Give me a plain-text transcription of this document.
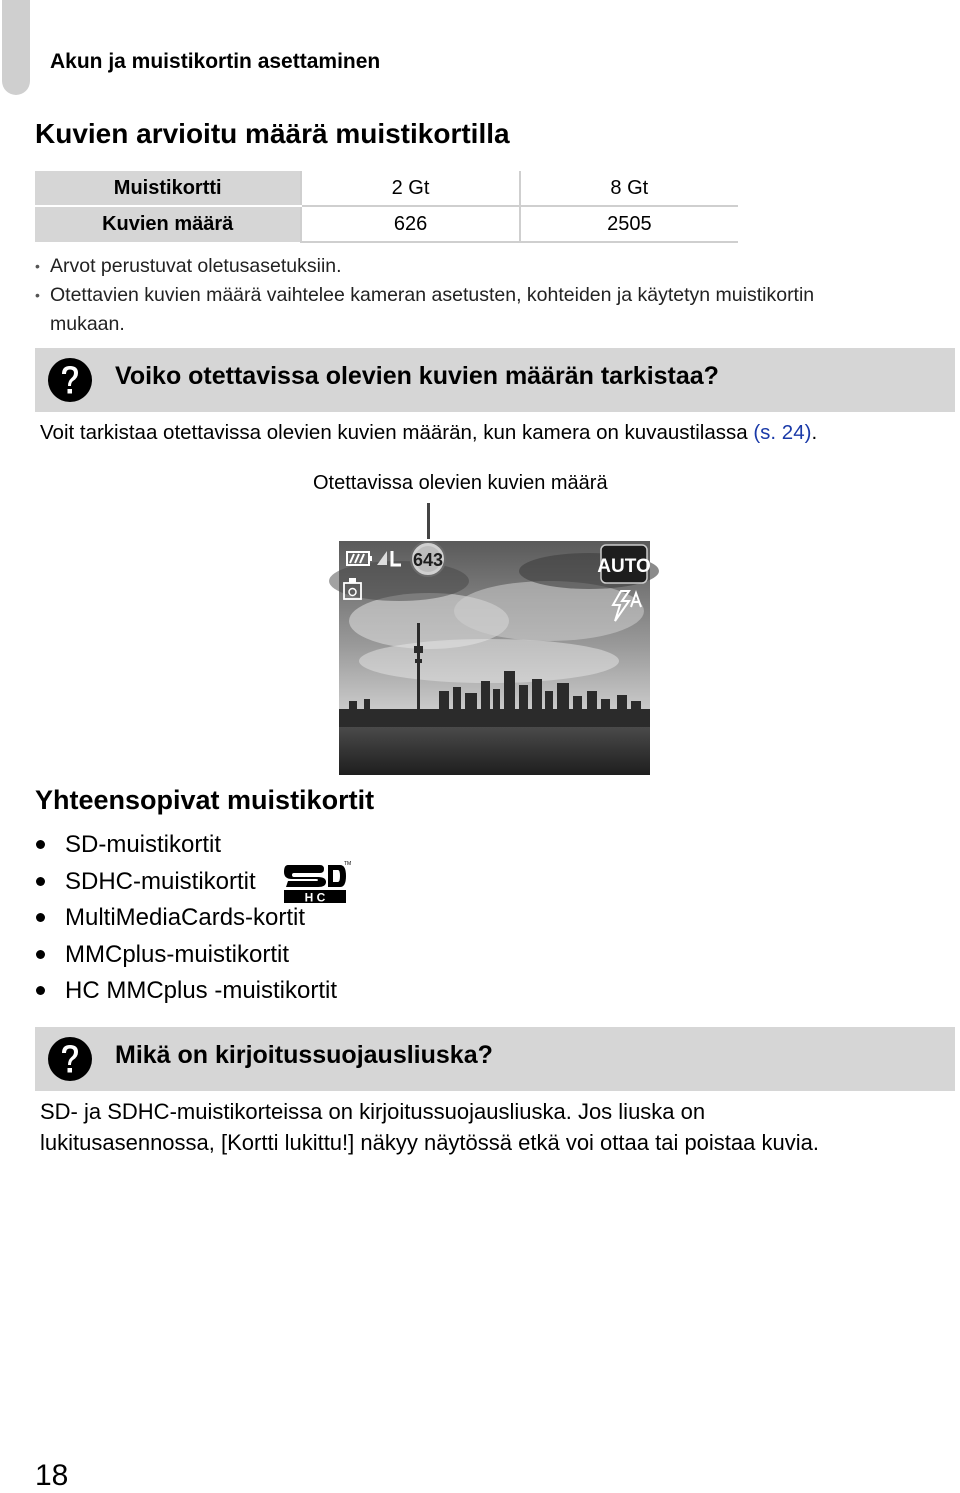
Akun ja muistikortin asettaminen
Kuvien arvioitu määrä muistikortilla
Muistikortti	2 Gt	8 Gt
Kuvien määrä	626	2505
• Arvot perustuvat oletusasetuksiin.
• Otettavien kuvien määrä vaihtelee kameran asetusten, kohteiden ja käytetyn muistikortin mukaan.
Voiko otettavissa olevien kuvien määrän tarkistaa?
Voit tarkistaa otettavissa olevien kuvien määrän, kun kamera on kuvaustilassa (s. 24).
Otettavissa olevien kuvien määrä
643	AUTO
Yhteensopivat muistikortit
SD-muistikortit
SDHC-muistikortit
MultiMediaCards-kortit
MMCplus-muistikortit
HC MMCplus -muistikortit
H C
TM
Mikä on kirjoitussuojausliuska?
SD- ja SDHC-muistikorteissa on kirjoitussuojausliuska. Jos liuska on
lukitusasennossa, [Kortti lukittu!] näkyy näytössä etkä voi ottaa tai poistaa kuvia.
18
